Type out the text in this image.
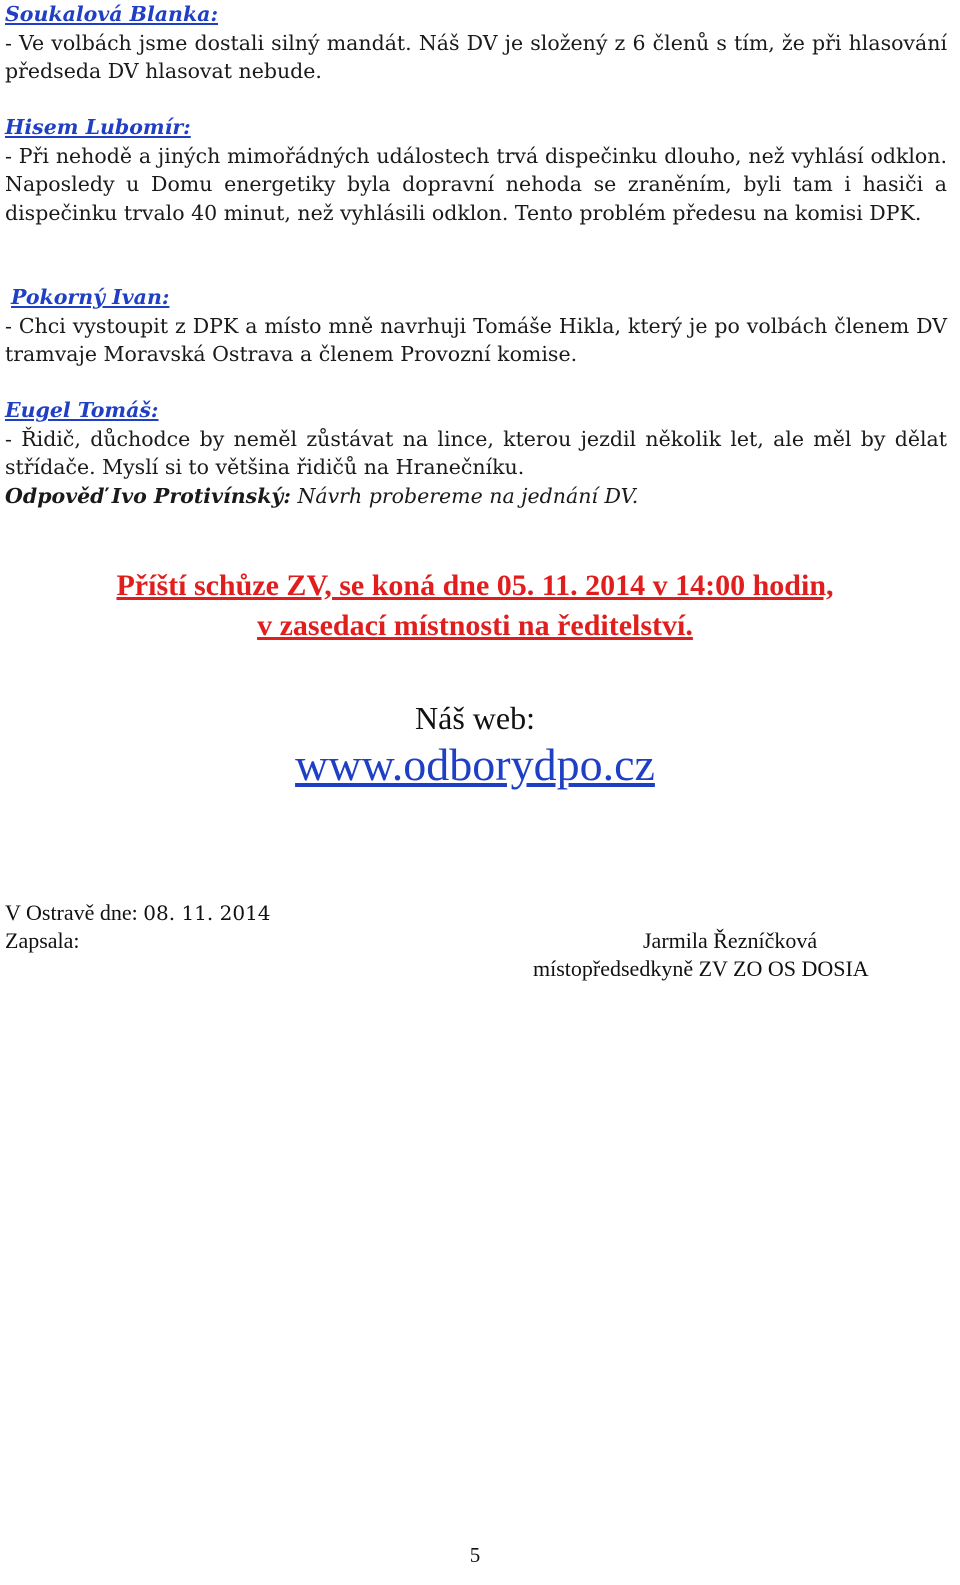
Soukalová Blanka:

- Ve volbách jsme dostali silný mandát. Náš DV je složený z 6 členů s tím, že při hlasování předseda DV hlasovat nebude.

Hisem Lubomír:

- Při nehodě a jiných mimořádných událostech trvá dispečinku dlouho, než vyhlásí odklon. Naposledy u Domu energetiky byla dopravní nehoda se zraněním, byli tam i hasiči a dispečinku trvalo 40 minut, než vyhlásili odklon. Tento problém předesu na komisi DPK.

Pokorný Ivan:

- Chci vystoupit z DPK a místo mně navrhuji Tomáše Hikla, který je po volbách členem DV tramvaje Moravská Ostrava a členem Provozní komise.

Eugel Tomáš:

- Řidič, důchodce by neměl zůstávat na lince, kterou jezdil několik let, ale měl by dělat střídače. Myslí si to většina řidičů na Hranečníku.

Odpověď Ivo Protivínský: Návrh probereme na jednání DV.

Příští schůze ZV, se koná dne 05. 11. 2014 v 14:00 hodin,
v zasedací místnosti na ředitelství.
Náš web:
www.odborydpo.cz
V Ostravě dne: 08. 11. 2014
Zapsala:	Jarmila Řezníčková
místopředsedkyně ZV ZO OS DOSIA
5
